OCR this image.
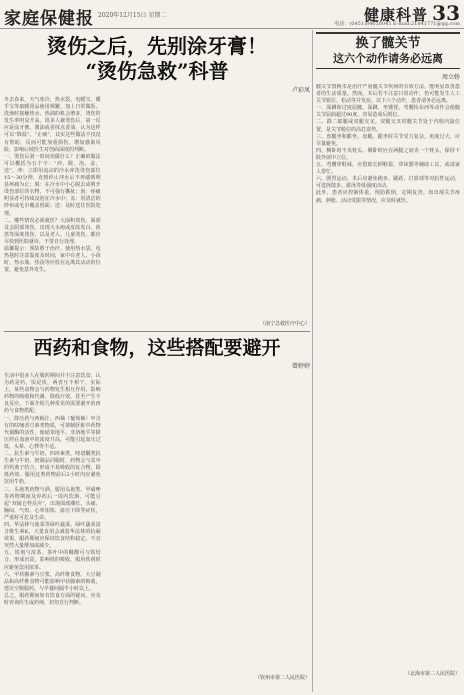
家庭保健报 2020年12月15日 星期二	健康科普 33
电话：(0451)84650045 E-mail:21841771@qq.com
烫伤之后，先别涂牙膏！
“烫伤急救”科普
卢彩凤

冬去春来，天气寒冷，热水袋、电暖宝、暖手宝等取暖用品使用频繁，加上日常做饭、洗澡时接触热水、热油的机会增多，烫伤的发生率明显升高。很多人被烫伤后，第一反应是涂牙膏、酱油或者抹点香油，认为这样可以“降温”、“止痛”，其实这些做法不仅没有帮助，反而可能加重损伤，增加感染风险，影响后续医生对创面深度的判断。

一、烫伤后第一时间该做什么？正确的做法可以概括为五个字：“冲、脱、泡、盖、送”。冲：立即用流动的冷水冲洗烫伤部位15～30分钟，直到停止冲水后不再感到明显疼痛为止；脱：在冷水中小心脱去或剪开烫伤部位的衣物，不可强行撕扯；泡：疼痛明显者可持续浸泡在冷水中；盖：用清洁的纱布或毛巾覆盖创面；送：及时送往医院处理。

二、哪些情况必须就医？大面积烫伤、面部及会阴部烫伤、出现大水疱或皮肤发白、焦黑等深度烫伤，以及老人、儿童烫伤，都应尽快到医院就诊，不要自行处理。

温馨提示：预防胜于治疗。使用热水袋、电热毯时注意温度及时间，家中有老人、小孩时，热水瓶、热汤等应放在远离其活动的位置，避免意外发生。

（南宁急救医疗中心）
西药和食物，这些搭配要避开
曾婷婷

生活中很多人在服药期间并不注意饮食，认为药是药，饭是饭，两者互不相干。实际上，某些食物会与药物发生相互作用，影响药物的吸收和代谢，降低疗效，甚至产生不良反应。下面介绍几种常见的需要避开的西药与食物搭配。

一、降压药与西柚汁。西柚（葡萄柚）中含有的呋喃香豆素类物质，可抑制肝脏中药物代谢酶的活性，使硝苯地平、非洛地平等降压药在血液中的浓度升高，可能引起血压过低、头晕、心悸等不适。

二、抗生素与牛奶。四环素类、喹诺酮类抗生素与牛奶、奶制品同服时，药物会与其中的钙离子结合，形成不易吸收的复合物，降低药效。服用这类药物前后2小时内应避免饮用牛奶。

三、头孢类药物与酒。服用头孢类、甲硝唑等药物期间及停药后一周内饮酒，可能引起“双硫仑样反应”，出现面部潮红、头痛、胸闷、气短、心率加快、血压下降等症状，严重时可危及生命。

四、华法林与菠菜等绿叶蔬菜。绿叶蔬菜富含维生素K，大量食用会减弱华法林的抗凝效果，服药期间应保持饮食结构稳定，不宜突然大量增加或减少。

五、铁剂与浓茶。茶叶中的鞣酸可与铁结合，形成沉淀，影响铁的吸收，服用铁剂时应避免饮用浓茶。

六、甲状腺素与豆浆、高纤维食物。大豆制品和高纤维食物可能影响甲状腺素的吸收，建议空腹服药，与早餐间隔半小时以上。

总之，服药期间如有饮食方面的疑问，应及时咨询医生或药师，切勿自行判断。

（钦州市第二人民医院）
换了髋关节
这六个动作请务必远离
周立娇

髋关节置换术是治疗严重髋关节疾病的有效方法，能明显改善患者的生活质量。然而，术后若不注意日常动作，仍可能发生人工关节脱位、松动等并发症。以下六个动作，患者请务必远离。

一、深蹲和过度屈髋。深蹲、坐矮凳、弯腰捡东西等动作会使髋关节屈曲超过90度，容易造成后脱位。

二、跷二郎腿或双腿交叉。双腿交叉时髋关节处于内收内旋位置，是关节脱位的高危姿势。

三、盘腿坐和跪坐。盘腿、跪坐时关节受力复杂，角度过大，应尽量避免。

四、侧卧时不夹枕头。侧卧时应在两腿之间夹一个枕头，保持下肢外展中立位。

五、弯腰穿鞋袜。应借助长柄鞋拔、穿袜器等辅助工具，或请家人帮忙。

六、剧烈运动。术后应避免跑步、跳跃、打篮球等对抗性运动，可选择散步、游泳等低强度活动。

此外，患者应控制体重，预防跌倒，定期复查。如出现关节疼痛、肿胀、活动受限等情况，应及时就医。

（北海市第二人民医院）
